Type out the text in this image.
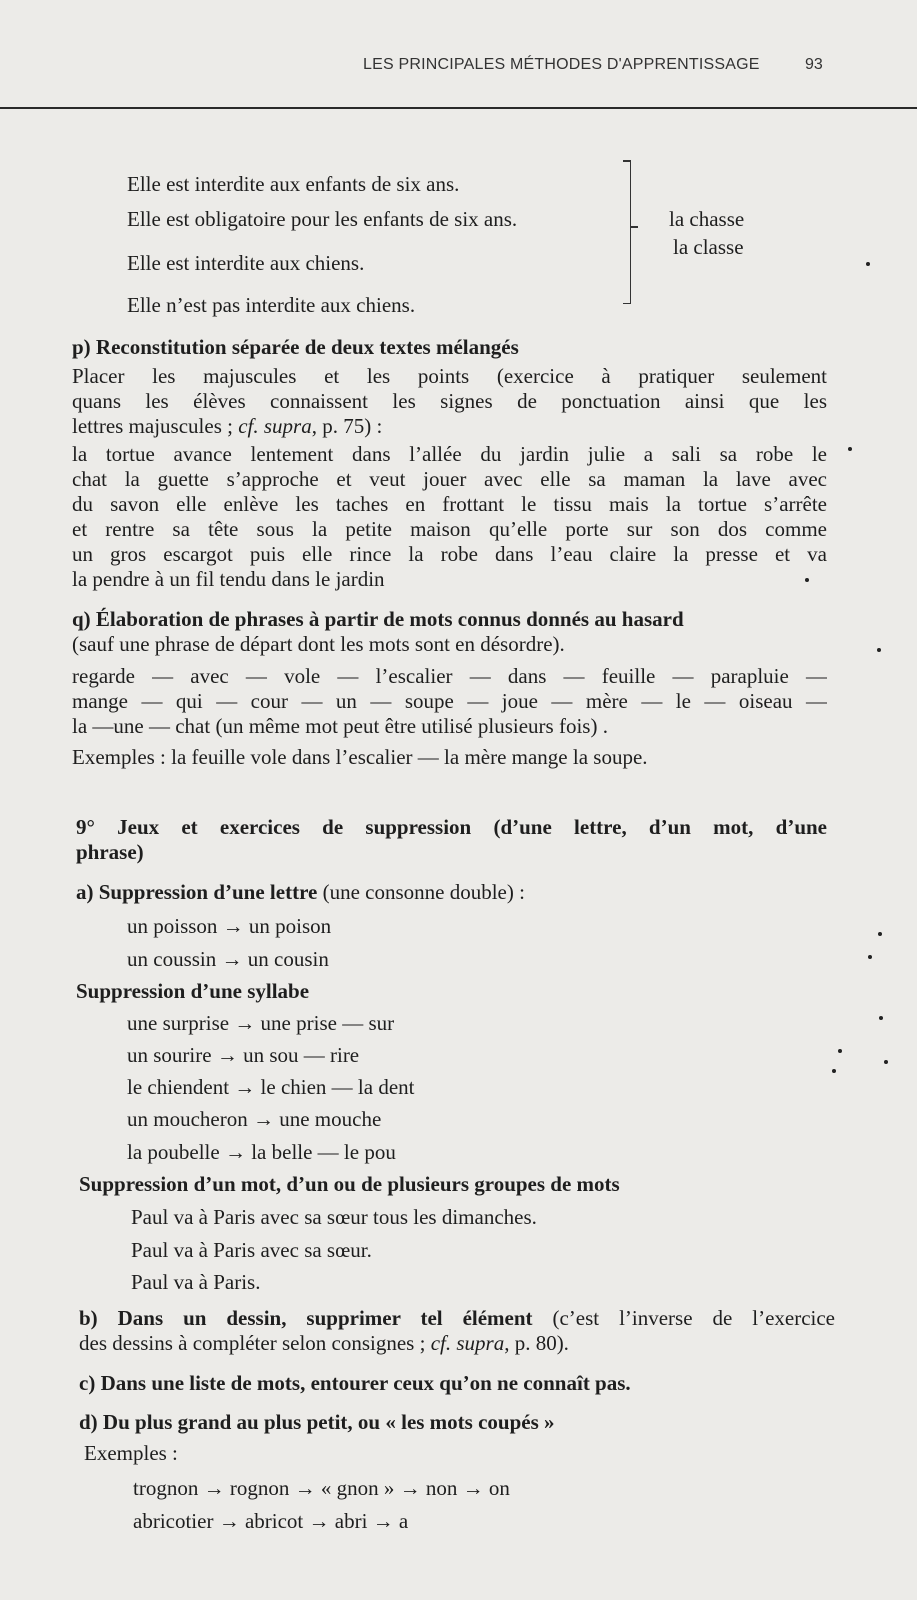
LES PRINCIPALES MÉTHODES D'APPRENTISSAGE	93
Elle est interdite aux enfants de six ans.
Elle est obligatoire pour les enfants de six ans.
Elle est interdite aux chiens.
Elle n’est pas interdite aux chiens.
la chasse
la classe
p) Reconstitution séparée de deux textes mélangés
Placer les majuscules et les points (exercice à pratiquer seulement
quans les élèves connaissent les signes de ponctuation ainsi que les
lettres majuscules ; cf. supra, p. 75) :
la tortue avance lentement dans l’allée du jardin julie a sali sa robe le
chat la guette s’approche et veut jouer avec elle sa maman la lave avec
du savon elle enlève les taches en frottant le tissu mais la tortue s’arrête
et rentre sa tête sous la petite maison qu’elle porte sur son dos comme
un gros escargot puis elle rince la robe dans l’eau claire la presse et va
la pendre à un fil tendu dans le jardin
q) Élaboration de phrases à partir de mots connus donnés au hasard
(sauf une phrase de départ dont les mots sont en désordre).
regarde — avec — vole — l’escalier — dans — feuille — parapluie —
mange — qui — cour — un — soupe — joue — mère — le — oiseau —
la —une — chat (un même mot peut être utilisé plusieurs fois) .
Exemples : la feuille vole dans l’escalier — la mère mange la soupe.
9° Jeux et exercices de suppression (d’une lettre, d’un mot, d’une
phrase)
a) Suppression d’une lettre (une consonne double) :
un poisson → un poison
un coussin → un cousin
Suppression d’une syllabe
une surprise → une prise — sur
un sourire → un sou — rire
le chiendent → le chien — la dent
un moucheron → une mouche
la poubelle → la belle — le pou
Suppression d’un mot, d’un ou de plusieurs groupes de mots
Paul va à Paris avec sa sœur tous les dimanches.
Paul va à Paris avec sa sœur.
Paul va à Paris.
b) Dans un dessin, supprimer tel élément (c’est l’inverse de l’exercice
des dessins à compléter selon consignes ; cf. supra, p. 80).
c) Dans une liste de mots, entourer ceux qu’on ne connaît pas.
d) Du plus grand au plus petit, ou « les mots coupés »
Exemples :
trognon → rognon → « gnon » → non → on
abricotier → abricot → abri → a
